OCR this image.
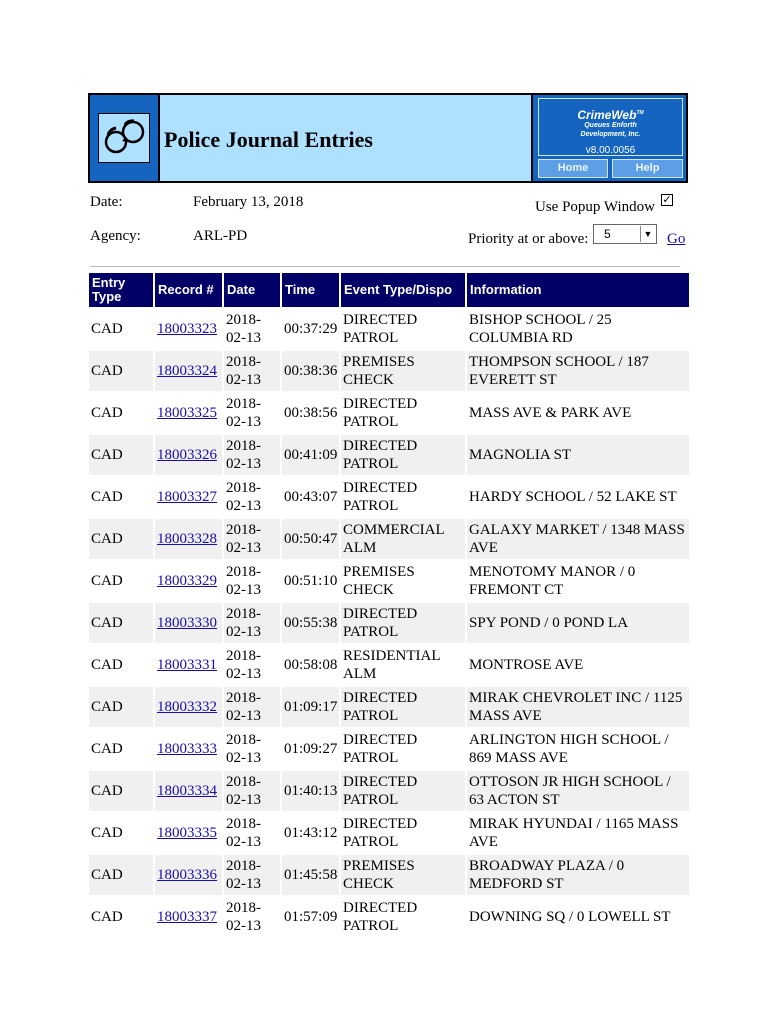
Police Journal Entries
CrimeWeb™
Queues Enforth
Development, Inc.
v8.00.0056
Home	Help
Date:	February 13, 2018
Agency:	ARL-PD
Use Popup Window ✓
Priority at or above: 5	▼ Go
Entry Type	Record #	Date	Time	Event Type/Dispo	Information
CAD	18003323	2018-02-13	00:37:29	DIRECTED PATROL	BISHOP SCHOOL / 25 COLUMBIA RD
CAD	18003324	2018-02-13	00:38:36	PREMISES CHECK	THOMPSON SCHOOL / 187 EVERETT ST
CAD	18003325	2018-02-13	00:38:56	DIRECTED PATROL	MASS AVE & PARK AVE
CAD	18003326	2018-02-13	00:41:09	DIRECTED PATROL	MAGNOLIA ST
CAD	18003327	2018-02-13	00:43:07	DIRECTED PATROL	HARDY SCHOOL / 52 LAKE ST
CAD	18003328	2018-02-13	00:50:47	COMMERCIAL ALM	GALAXY MARKET / 1348 MASS AVE
CAD	18003329	2018-02-13	00:51:10	PREMISES CHECK	MENOTOMY MANOR / 0 FREMONT CT
CAD	18003330	2018-02-13	00:55:38	DIRECTED PATROL	SPY POND / 0 POND LA
CAD	18003331	2018-02-13	00:58:08	RESIDENTIAL ALM	MONTROSE AVE
CAD	18003332	2018-02-13	01:09:17	DIRECTED PATROL	MIRAK CHEVROLET INC / 1125 MASS AVE
CAD	18003333	2018-02-13	01:09:27	DIRECTED PATROL	ARLINGTON HIGH SCHOOL / 869 MASS AVE
CAD	18003334	2018-02-13	01:40:13	DIRECTED PATROL	OTTOSON JR HIGH SCHOOL / 63 ACTON ST
CAD	18003335	2018-02-13	01:43:12	DIRECTED PATROL	MIRAK HYUNDAI / 1165 MASS AVE
CAD	18003336	2018-02-13	01:45:58	PREMISES CHECK	BROADWAY PLAZA / 0 MEDFORD ST
CAD	18003337	2018-02-13	01:57:09	DIRECTED PATROL	DOWNING SQ / 0 LOWELL ST
